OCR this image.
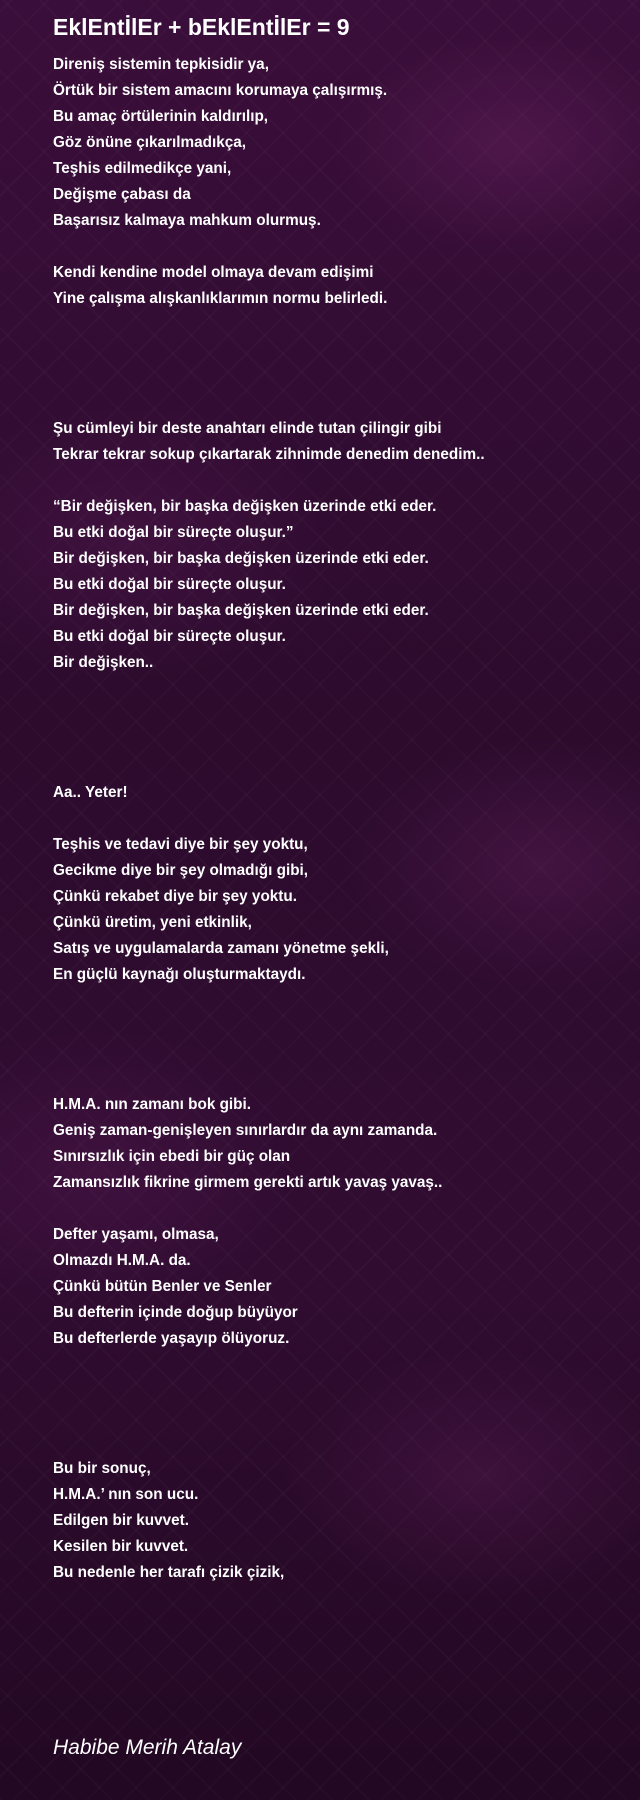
EklEntİlEr + bEklEntİlEr = 9
Direniş sistemin tepkisidir ya,
Örtük bir sistem amacını korumaya çalışırmış.
Bu amaç örtülerinin kaldırılıp,
Göz önüne çıkarılmadıkça,
Teşhis edilmedikçe yani,
Değişme çabası da
Başarısız kalmaya mahkum olurmuş.
Kendi kendine model olmaya devam edişimi
Yine çalışma alışkanlıklarımın normu belirledi.
Şu cümleyi bir deste anahtarı elinde tutan çilingir gibi
Tekrar tekrar sokup çıkartarak zihnimde denedim denedim..
“Bir değişken, bir başka değişken üzerinde etki eder.
Bu etki doğal bir süreçte oluşur.”
Bir değişken, bir başka değişken üzerinde etki eder.
Bu etki doğal bir süreçte oluşur.
Bir değişken, bir başka değişken üzerinde etki eder.
Bu etki doğal bir süreçte oluşur.
Bir değişken..
Aa.. Yeter!
Teşhis ve tedavi diye bir şey yoktu,
Gecikme diye bir şey olmadığı gibi,
Çünkü rekabet diye bir şey yoktu.
Çünkü üretim, yeni etkinlik,
Satış ve uygulamalarda zamanı yönetme şekli,
En güçlü kaynağı oluşturmaktaydı.
H.M.A. nın zamanı bok gibi.
Geniş zaman-genişleyen sınırlardır da aynı zamanda.
Sınırsızlık için ebedi bir güç olan
Zamansızlık fikrine girmem gerekti artık yavaş yavaş..
Defter yaşamı, olmasa,
Olmazdı H.M.A. da.
Çünkü bütün Benler ve Senler
Bu defterin içinde doğup büyüyor
Bu defterlerde yaşayıp ölüyoruz.
Bu bir sonuç,
H.M.A.’ nın son ucu.
Edilgen bir kuvvet.
Kesilen bir kuvvet.
Bu nedenle her tarafı çizik çizik,

Habibe Merih Atalay
